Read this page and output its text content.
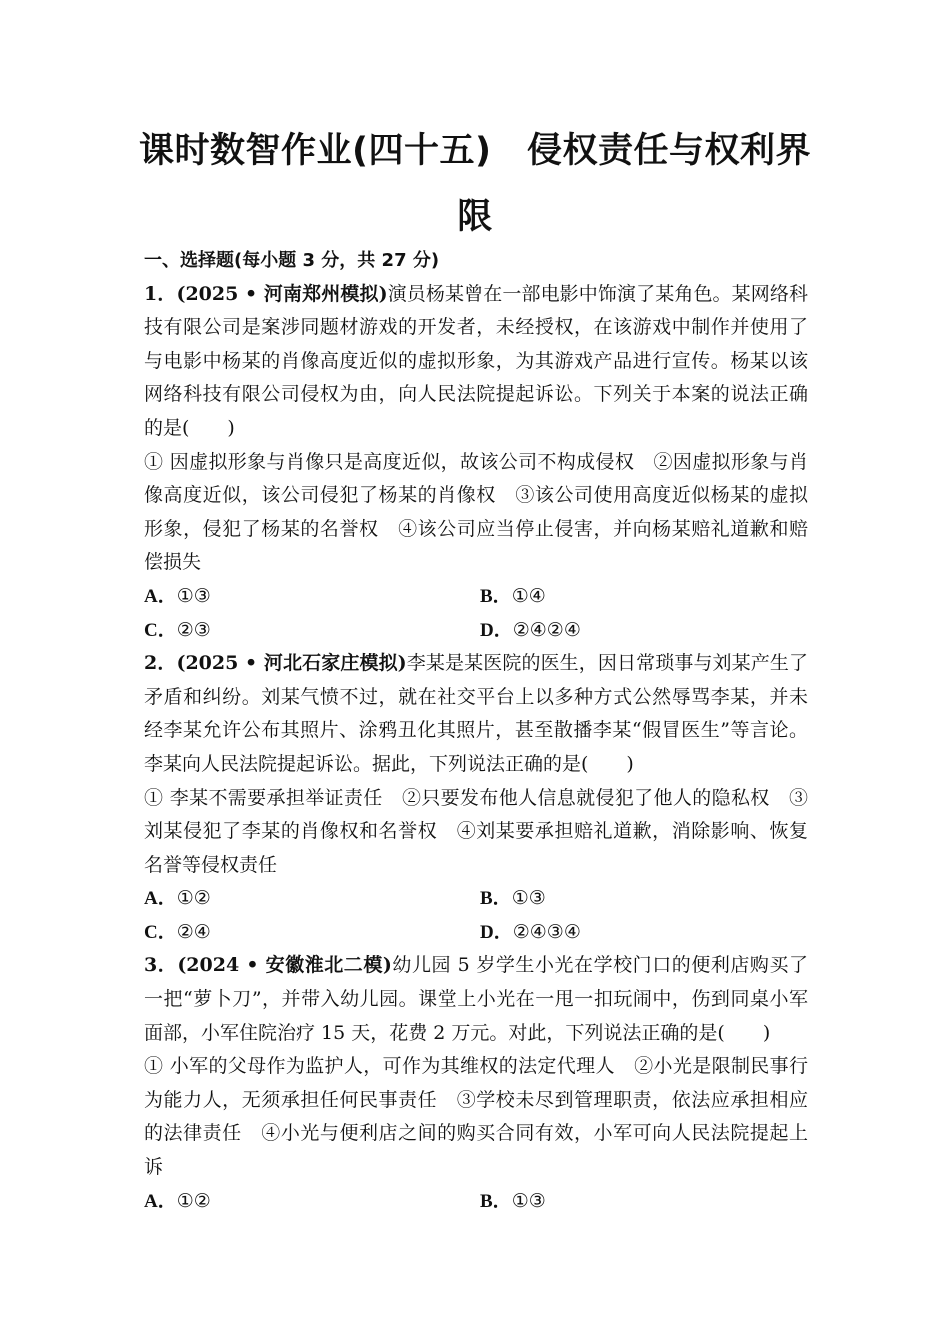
课时数智作业(四十五)　侵权责任与权利界
限

一、选择题(每小题 3 分，共 27 分)

1．(2025 • 河南郑州模拟)演员杨某曾在一部电影中饰演了某角色。某网络科技有限公司是案涉同题材游戏的开发者，未经授权，在该游戏中制作并使用了与电影中杨某的肖像高度近似的虚拟形象，为其游戏产品进行宣传。杨某以该网络科技有限公司侵权为由，向人民法院提起诉讼。下列关于本案的说法正确的是(　　)

① 因虚拟形象与肖像只是高度近似，故该公司不构成侵权　②因虚拟形象与肖像高度近似，该公司侵犯了杨某的肖像权　③该公司使用高度近似杨某的虚拟形象，侵犯了杨某的名誉权　④该公司应当停止侵害，并向杨某赔礼道歉和赔偿损失

A．①③	B．①④
C．②③	D．②④②④

2．(2025 • 河北石家庄模拟)李某是某医院的医生，因日常琐事与刘某产生了矛盾和纠纷。刘某气愤不过，就在社交平台上以多种方式公然辱骂李某，并未经李某允许公布其照片、涂鸦丑化其照片，甚至散播李某“假冒医生”等言论。李某向人民法院提起诉讼。据此，下列说法正确的是(　　)

① 李某不需要承担举证责任　②只要发布他人信息就侵犯了他人的隐私权　③刘某侵犯了李某的肖像权和名誉权　④刘某要承担赔礼道歉，消除影响、恢复名誉等侵权责任

A．①②	B．①③
C．②④	D．②④③④

3．(2024 • 安徽淮北二模)幼儿园 5 岁学生小光在学校门口的便利店购买了一把“萝卜刀”，并带入幼儿园。课堂上小光在一甩一扣玩闹中，伤到同桌小军面部，小军住院治疗 15 天，花费 2 万元。对此，下列说法正确的是(　　)

① 小军的父母作为监护人，可作为其维权的法定代理人　②小光是限制民事行为能力人，无须承担任何民事责任　③学校未尽到管理职责，依法应承担相应的法律责任　④小光与便利店之间的购买合同有效，小军可向人民法院提起上诉

A．①②	B．①③
